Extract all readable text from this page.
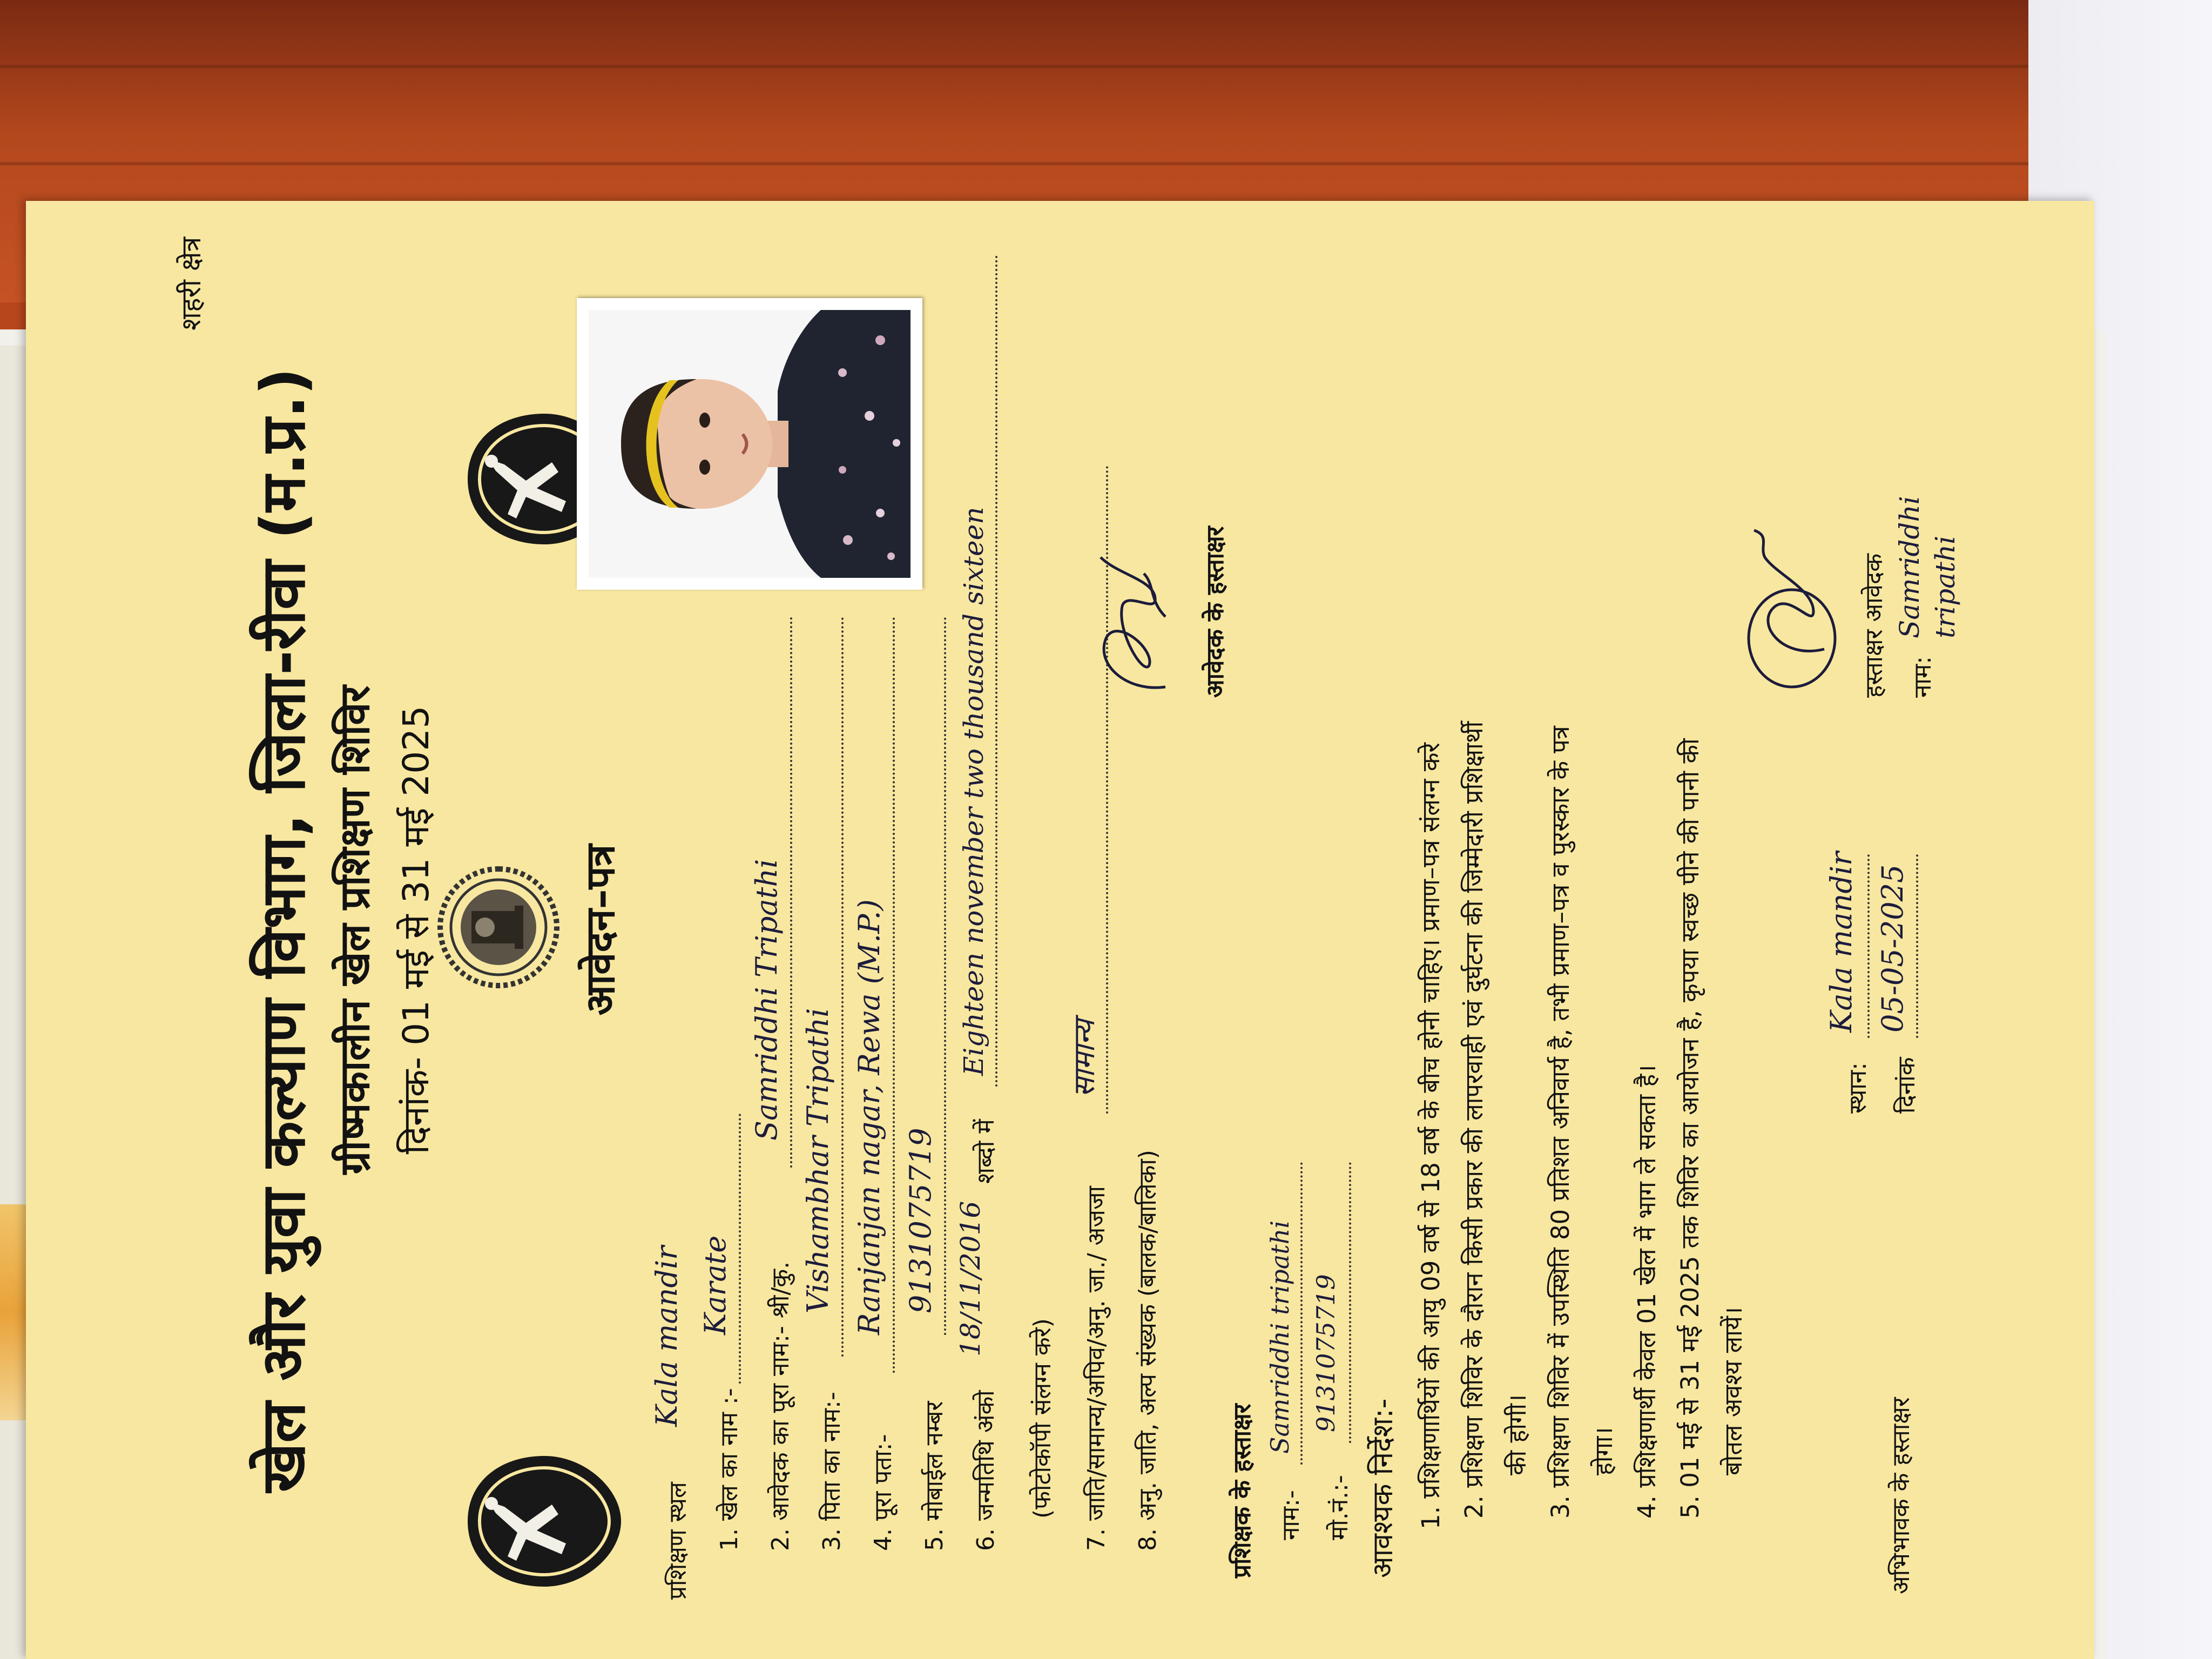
शहरी क्षेत्र
खेल और युवा कल्याण विभाग, जिला-रीवा (म.प्र.) ग्रीष्मकालीन खेल प्रशिक्षण शिविर दिनांक- 01 मई से 31 मई 2025	आवेदन–पत्र
प्रशिक्षण स्थल
Kala mandir
1. खेल का नाम :-
Karate 2. आवेदक का पूरा नाम:- श्री/कु.
Samriddhi Tripathi
3. पिता का नाम:-
Vishambhar Tripathi
4. पूरा पता:-
Ranjanjan nagar, Rewa (M.P.)
5. मोबाईल नम्बर
9131075719
6. जन्मतिथि अंको
18/11/2016
शब्दो में
Eighteen november two thousand sixteen
(फोटोकॉपी संलग्न करे) 7. जाति/सामान्य/अपिव/अनु. जा./ अजजा
सामान्य
8. अनु. जाति, अल्प संख्यक (बालक/बालिका)
आवेदक के हस्ताक्षर
प्रशिक्षक के हस्ताक्षर नाम:-
Samriddhi tripathi
मो.नं.:-
9131075719
आवश्यक निर्देश:- 1. प्रशिक्षणार्थियों की आयु 09 वर्ष से 18 वर्ष के बीच होनी चाहिए। प्रमाण–पत्र संलग्न करे 2. प्रशिक्षण शिविर के दौरान किसी प्रकार की लापरवाही एवं दुर्घटना की जिम्मेदारी प्रशिक्षार्थी की होगी। 3. प्रशिक्षण शिविर में उपस्थिति 80 प्रतिशत अनिवार्य है, तभी प्रमाण–पत्र व पुरस्कार के पत्र होगा। 4. प्रशिक्षणार्थी केवल 01 खेल में भाग ले सकता है। 5. 01 मई से 31 मई 2025 तक शिविर का आयोजन है, कृपया स्वच्छ पीने की पानी की बोतल अवश्य लायें।
अभिभावक के हस्ताक्षर
स्थान:
Kala mandir
दिनांक
05-05-2025
हस्ताक्षर आवेदक नाम:
Samriddhi tripathi
